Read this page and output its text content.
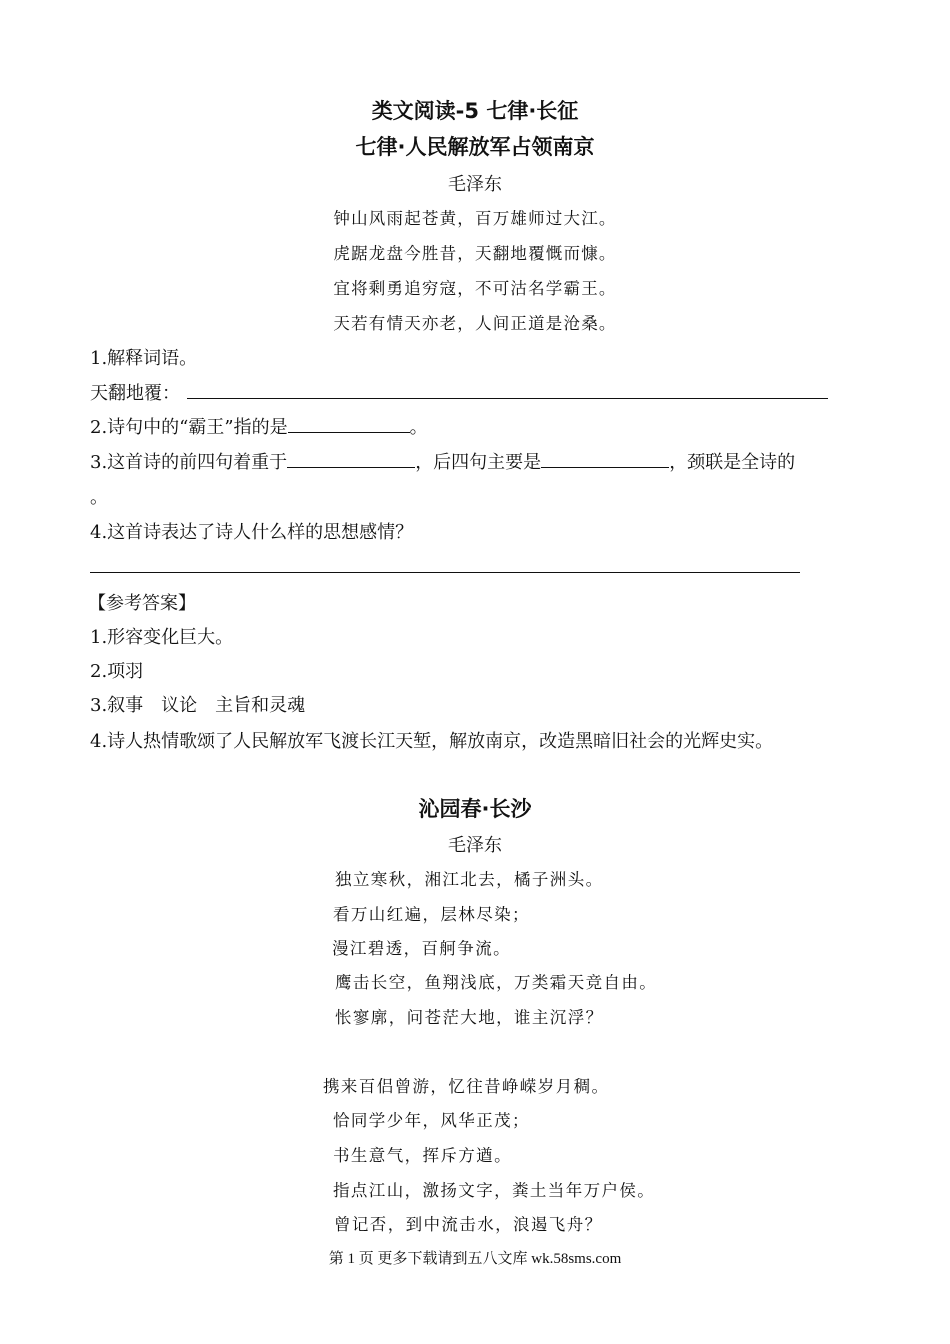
类文阅读-5 七律·长征
七律·人民解放军占领南京
毛泽东
钟山风雨起苍黄，百万雄师过大江。
虎踞龙盘今胜昔，天翻地覆慨而慷。
宜将剩勇追穷寇，不可沽名学霸王。
天若有情天亦老，人间正道是沧桑。
1.解释词语。
天翻地覆：
2.诗句中的“霸王”指的是	。
3.这首诗的前四句着重于	，后四句主要是	，颈联是全诗的
。
4.这首诗表达了诗人什么样的思想感情？
【参考答案】
1.形容变化巨大。
2.项羽
3.叙事　议论　主旨和灵魂
4.诗人热情歌颂了人民解放军飞渡长江天堑，解放南京，改造黑暗旧社会的光辉史实。
沁园春·长沙
毛泽东
独立寒秋，湘江北去，橘子洲头。
看万山红遍，层林尽染；
漫江碧透，百舸争流。
鹰击长空，鱼翔浅底，万类霜天竞自由。
怅寥廓，问苍茫大地，谁主沉浮？
携来百侣曾游，忆往昔峥嵘岁月稠。
恰同学少年，风华正茂；
书生意气，挥斥方遒。
指点江山，激扬文字，粪土当年万户侯。
曾记否，到中流击水，浪遏飞舟？
第 1 页 更多下载请到五八文库 wk.58sms.com
